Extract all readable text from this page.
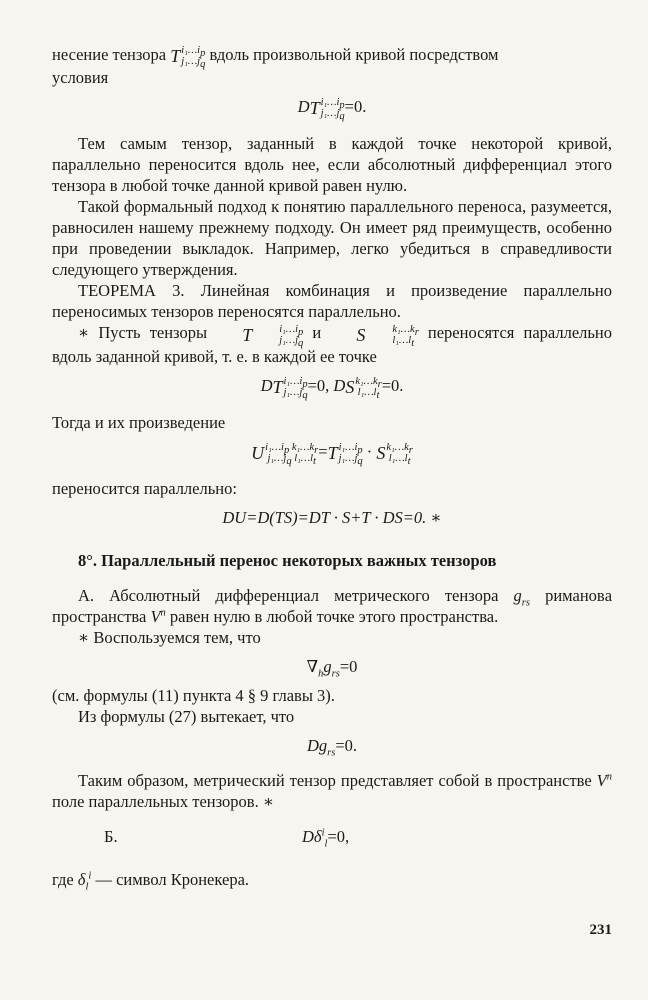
несение тензора T $i_1\dots i_p$
$j_1\dots j_q$
вдоль произвольной кривой посредством

условия

DT $i_1\dots i_p$
$j_1\dots j_q$
=0.

Тем самым тензор, заданный в каждой точке некоторой кривой, параллельно переносится вдоль нее, если абсолютный дифференциал этого тензора в любой точке данной кривой равен нулю.

Такой формальный подход к понятию параллельного переноса, разумеется, равносилен нашему прежнему подходу. Он имеет ряд преимуществ, особенно при проведении выкладок. Например, легко убедиться в справедливости следующего утверждения.

ТЕОРЕМА 3. Линейная комбинация и произведение параллельно переносимых тензоров переносятся параллельно.

∗ Пусть тензоры T	$i_1\dots i_p$
$j_1\dots j_q$
и S	$k_1\dots k_r$
$l_1\dots l_t$
переносятся параллельно вдоль заданной кривой, т. е. в каждой ее точке

DT $i_1\dots i_p$
$j_1\dots j_q$
=0, DS $k_1\dots k_r$
$l_1\dots l_t$
=0.

Тогда и их произведение

U $i_1\dots i_p$ $k_1\dots k_r$
$j_1\dots j_q$ $l_1\dots l_t$
=T $i_1\dots i_p$
$j_1\dots j_q$
· S $k_1\dots k_r$
$l_1\dots l_t$

переносится параллельно:

DU=D(TS)=DT · S+T · DS=0. ∗

8°. Параллельный перенос некоторых важных тензоров

А. Абсолютный дифференциал метрического тензора $g_{rs}$ римановa пространства $V^n$ равен нулю в любой точке этого пространства.

∗ Воспользуемся тем, что

$\nabla_hg_{rs}=0$

(см. формулы (11) пункта 4 § 9 главы 3).

Из формулы (27) вытекает, что

$Dg_{rs}=0$.

Таким образом, метрический тензор представляет собой в пространстве $V^n$ поле параллельных тензоров. ∗

Б.	$D\delta^i_l=0$,

где $\delta_l^i$ — символ Кронекера.

231
